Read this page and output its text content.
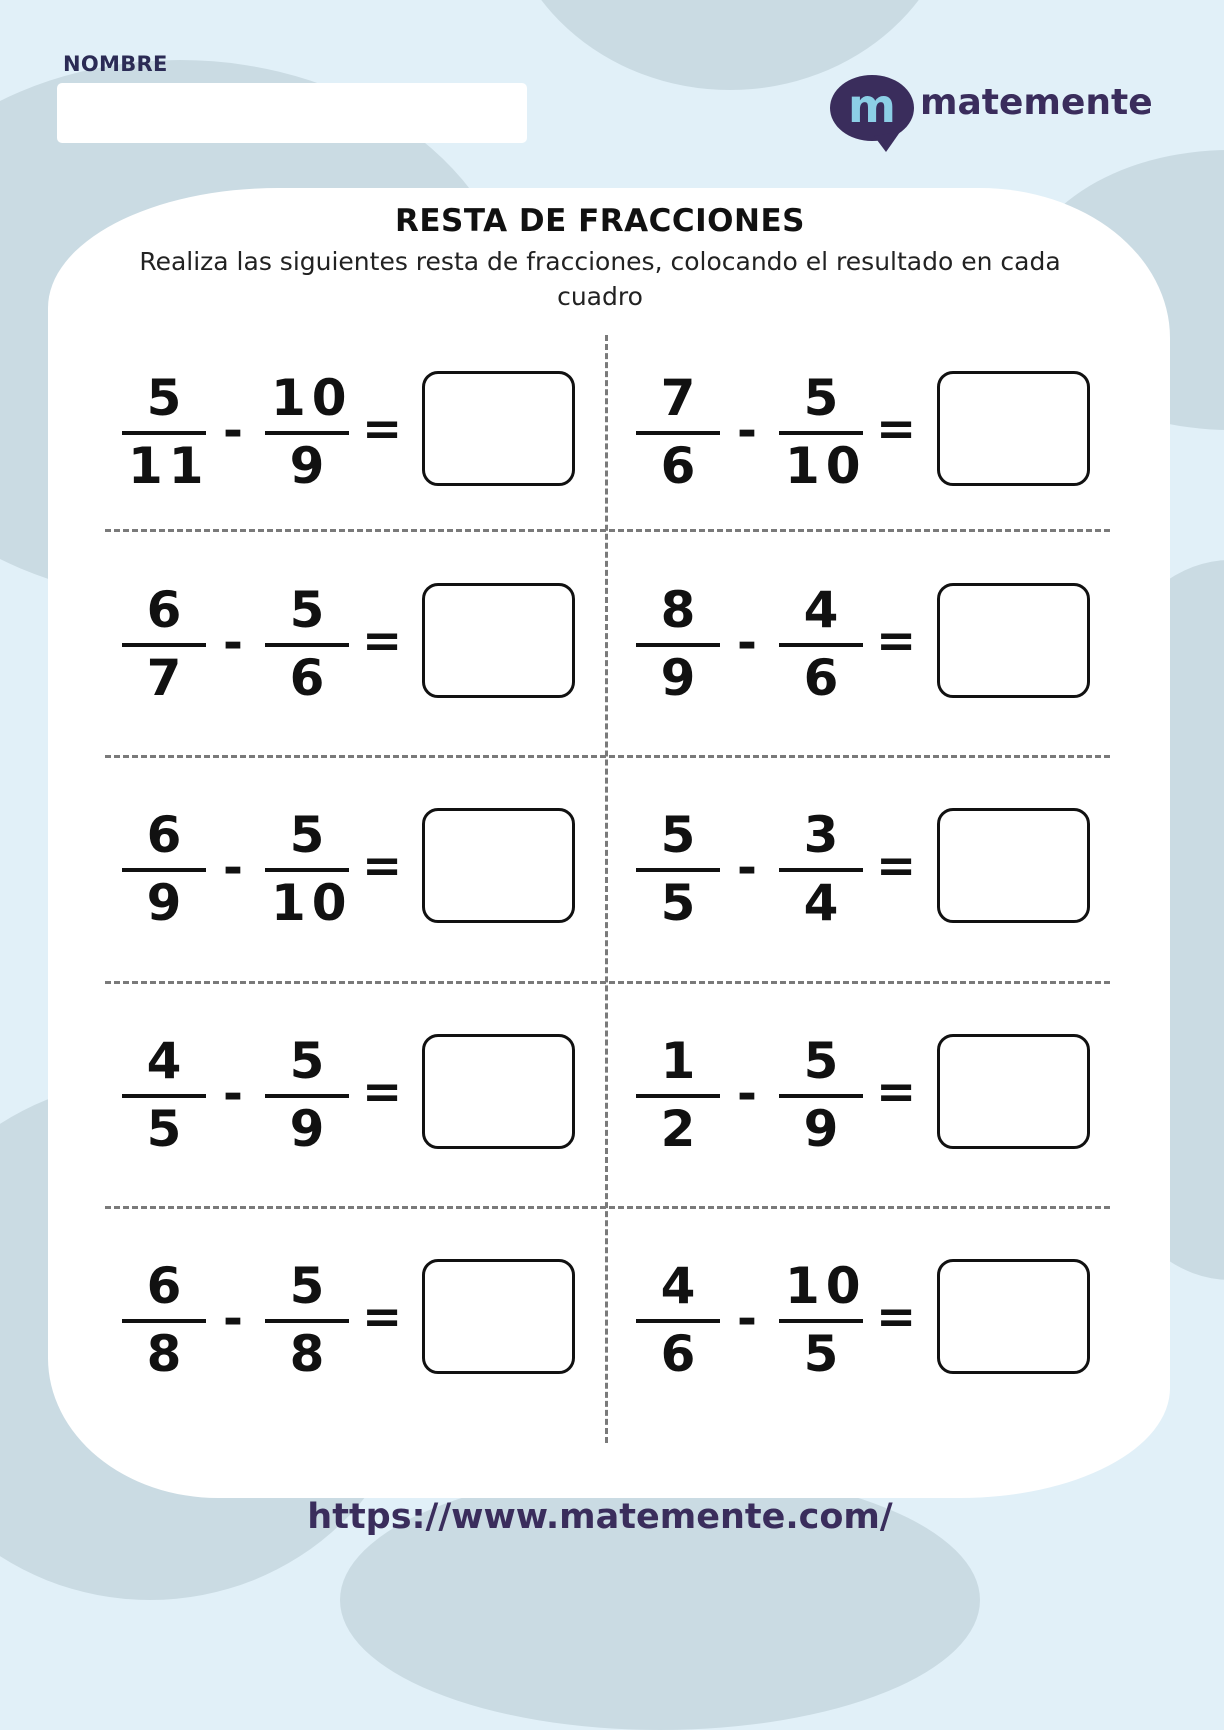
NOMBRE
m matemente
RESTA DE FRACCIONES
Realiza las siguientes resta de fracciones, colocando el resultado en cada
cuadro
5
11
-
10
9
=
7
6
-
5
10
=
6
7
-
5
6
=
8
9
-
4
6
=
6
9
-
5
10
=
5
5
-
3
4
=
4
5
-
5
9
=
1
2
-
5
9
=
6
8
-
5
8
=
4
6
-
10
5
=
https://www.matemente.com/
